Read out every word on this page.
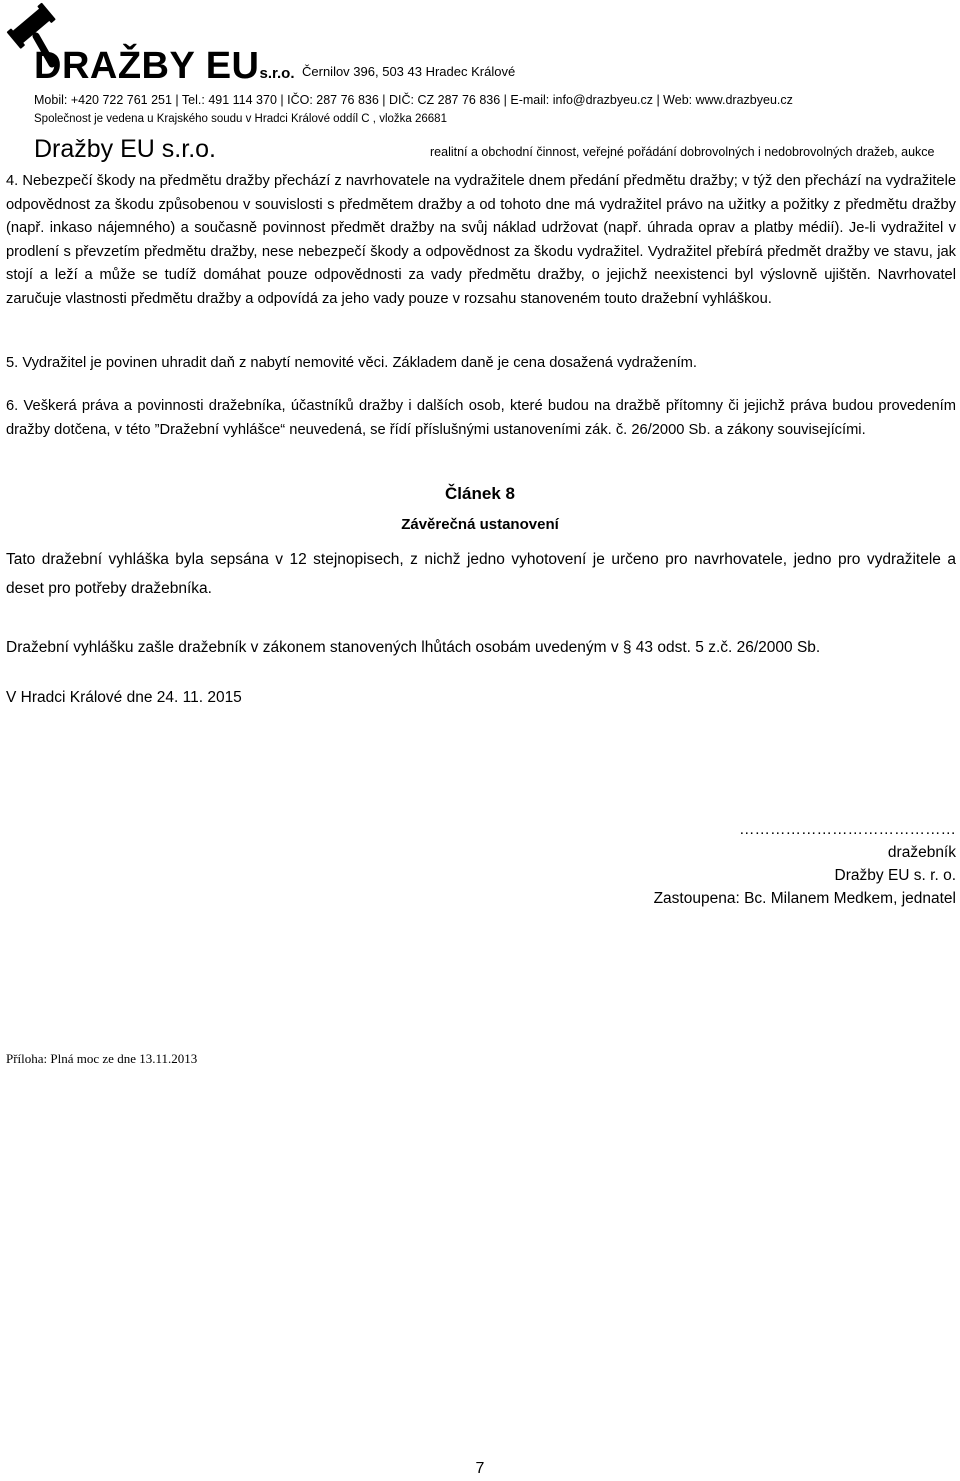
DRAŽBY EUs.r.o. Černilov 396, 503 43 Hradec Králové
Mobil: +420 722 761 251 | Tel.: 491 114 370 | IČO: 287 76 836 | DIČ: CZ 287 76 836 | E-mail: info@drazbyeu.cz | Web: www.drazbyeu.cz
Společnost je vedena u Krajského soudu v Hradci Králové oddíl C , vložka 26681
Dražby EU s.r.o.	realitní a obchodní činnost, veřejné pořádání dobrovolných i nedobrovolných dražeb, aukce

4. Nebezpečí škody na předmětu dražby přechází z navrhovatele na vydražitele dnem předání předmětu dražby; v týž den přechází na vydražitele odpovědnost za škodu způsobenou v souvislosti s předmětem dražby a od tohoto dne má vydražitel právo na užitky a požitky z předmětu dražby (např. inkaso nájemného) a současně povinnost předmět dražby na svůj náklad udržovat (např. úhrada oprav a platby médií). Je-li vydražitel v prodlení s převzetím předmětu dražby, nese nebezpečí škody a odpovědnost za škodu vydražitel. Vydražitel přebírá předmět dražby ve stavu, jak stojí a leží a může se tudíž domáhat pouze odpovědnosti za vady předmětu dražby, o jejichž neexistenci byl výslovně ujištěn. Navrhovatel zaručuje vlastnosti předmětu dražby a odpovídá za jeho vady pouze v rozsahu stanoveném touto dražební vyhláškou.

5. Vydražitel je povinen uhradit daň z nabytí nemovité věci. Základem daně je cena dosažená vydražením.

6. Veškerá práva a povinnosti dražebníka, účastníků dražby i dalších osob, které budou na dražbě přítomny či jejichž práva budou provedením dražby dotčena, v této ”Dražební vyhlášce“ neuvedená, se řídí příslušnými ustanoveními zák. č. 26/2000 Sb. a zákony souvisejícími.

Článek 8

Závěrečná ustanovení

Tato dražební vyhláška byla sepsána v 12 stejnopisech, z nichž jedno vyhotovení je určeno pro navrhovatele, jedno pro vydražitele a deset pro potřeby dražebníka.

Dražební vyhlášku zašle dražebník v zákonem stanovených lhůtách osobám uvedeným v § 43 odst. 5 z.č. 26/2000 Sb.

V Hradci Králové dne 24. 11. 2015

……………………………………
dražebník
Dražby EU s. r. o.
Zastoupena: Bc. Milanem Medkem, jednatel
Příloha: Plná moc ze dne 13.11.2013
7
